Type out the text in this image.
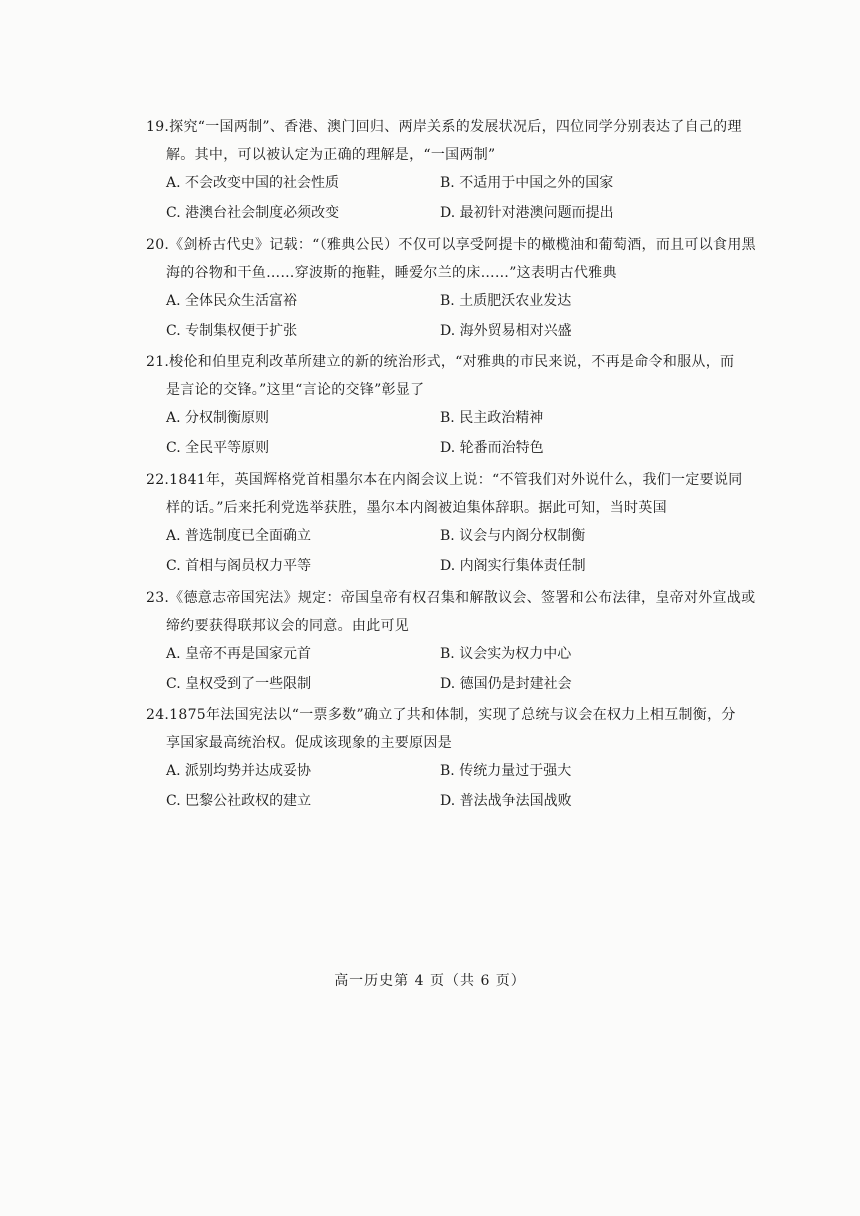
19.探究“一国两制”、香港、澳门回归、两岸关系的发展状况后，四位同学分别表达了自己的理
解。其中，可以被认定为正确的理解是，“一国两制”
A. 不会改变中国的社会性质	B. 不适用于中国之外的国家
C. 港澳台社会制度必须改变	D. 最初针对港澳问题而提出
20.《剑桥古代史》记载：“（雅典公民）不仅可以享受阿提卡的橄榄油和葡萄酒，而且可以食用黑
海的谷物和干鱼……穿波斯的拖鞋，睡爱尔兰的床……”这表明古代雅典
A. 全体民众生活富裕	B. 土质肥沃农业发达
C. 专制集权便于扩张	D. 海外贸易相对兴盛
21.梭伦和伯里克利改革所建立的新的统治形式，“对雅典的市民来说，不再是命令和服从，而
是言论的交锋。”这里“言论的交锋”彰显了
A. 分权制衡原则	B. 民主政治精神
C. 全民平等原则	D. 轮番而治特色
22.1841年，英国辉格党首相墨尔本在内阁会议上说：“不管我们对外说什么，我们一定要说同
样的话。”后来托利党选举获胜，墨尔本内阁被迫集体辞职。据此可知，当时英国
A. 普选制度已全面确立	B. 议会与内阁分权制衡
C. 首相与阁员权力平等	D. 内阁实行集体责任制
23.《德意志帝国宪法》规定：帝国皇帝有权召集和解散议会、签署和公布法律，皇帝对外宣战或
缔约要获得联邦议会的同意。由此可见
A. 皇帝不再是国家元首	B. 议会实为权力中心
C. 皇权受到了一些限制	D. 德国仍是封建社会
24.1875年法国宪法以“一票多数”确立了共和体制，实现了总统与议会在权力上相互制衡，分
享国家最高统治权。促成该现象的主要原因是
A. 派别均势并达成妥协	B. 传统力量过于强大
C. 巴黎公社政权的建立	D. 普法战争法国战败
高一历史第 4 页（共 6 页）
